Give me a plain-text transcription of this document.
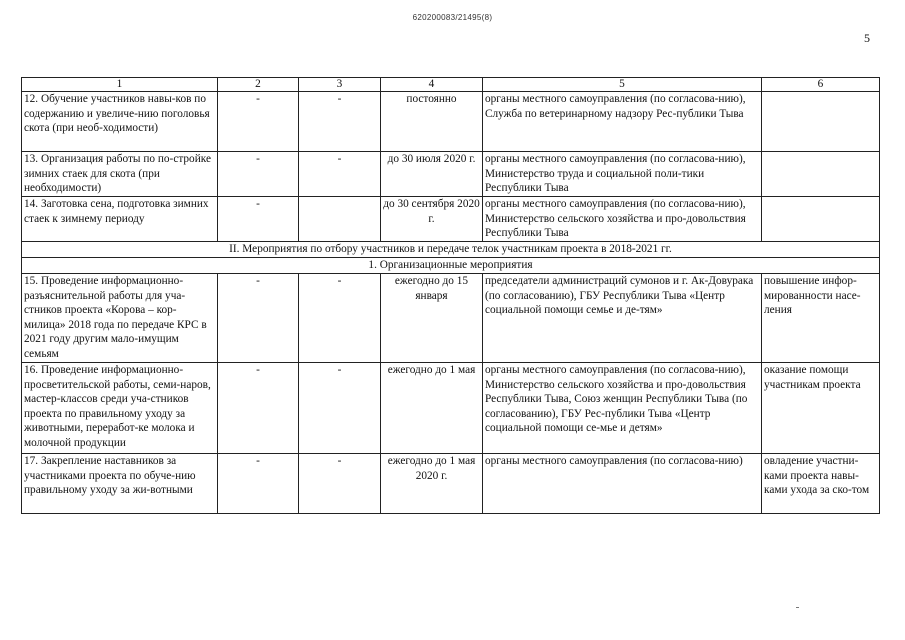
620200083/21495(8)
5
1	2	3	4	5	6
12. Обучение участников навы-ков по содержанию и увеличе-нию поголовья скота (при необ-ходимости)	-	-	постоянно	органы местного самоуправления (по согласова-нию), Служба по ветеринарному надзору Рес-публики Тыва	
13. Организация работы по по-стройке зимних стаек для скота (при необходимости)	-	-	до 30 июля 2020 г.	органы местного самоуправления (по согласова-нию), Министерство труда и социальной поли-тики Республики Тыва	
14. Заготовка сена, подготовка зимних стаек к зимнему периоду	-		до 30 сентября 2020 г.	органы местного самоуправления (по согласова-нию), Министерство сельского хозяйства и про-довольствия Республики Тыва	
II. Мероприятия по отбору участников и передаче телок участникам проекта в 2018-2021 гг.					
1. Организационные мероприятия					
15. Проведение информационно-разъяснительной работы для уча-стников проекта «Корова – кор-милица» 2018 года по передаче КРС в 2021 году другим мало-имущим семьям	-	-	ежегодно до 15 января	председатели администраций сумонов и г. Ак-Довурака (по согласованию), ГБУ Республики Тыва «Центр социальной помощи семье и де-тям»	повышение инфор-мированности насе-ления
16. Проведение информационно-просветительской работы, семи-наров, мастер-классов среди уча-стников проекта по правильному уходу за животными, переработ-ке молока и молочной продукции	-	-	ежегодно до 1 мая	органы местного самоуправления (по согласова-нию), Министерство сельского хозяйства и про-довольствия Республики Тыва, Союз женщин Республики Тыва (по согласованию), ГБУ Рес-публики Тыва «Центр социальной помощи се-мье и детям»	оказание помощи участникам проекта
17. Закрепление наставников за участниками проекта по обуче-нию правильному уходу за жи-вотными	-	-	ежегодно до 1 мая 2020 г.	органы местного самоуправления (по согласова-нию)	овладение участни-ками проекта навы-ками ухода за ско-том
